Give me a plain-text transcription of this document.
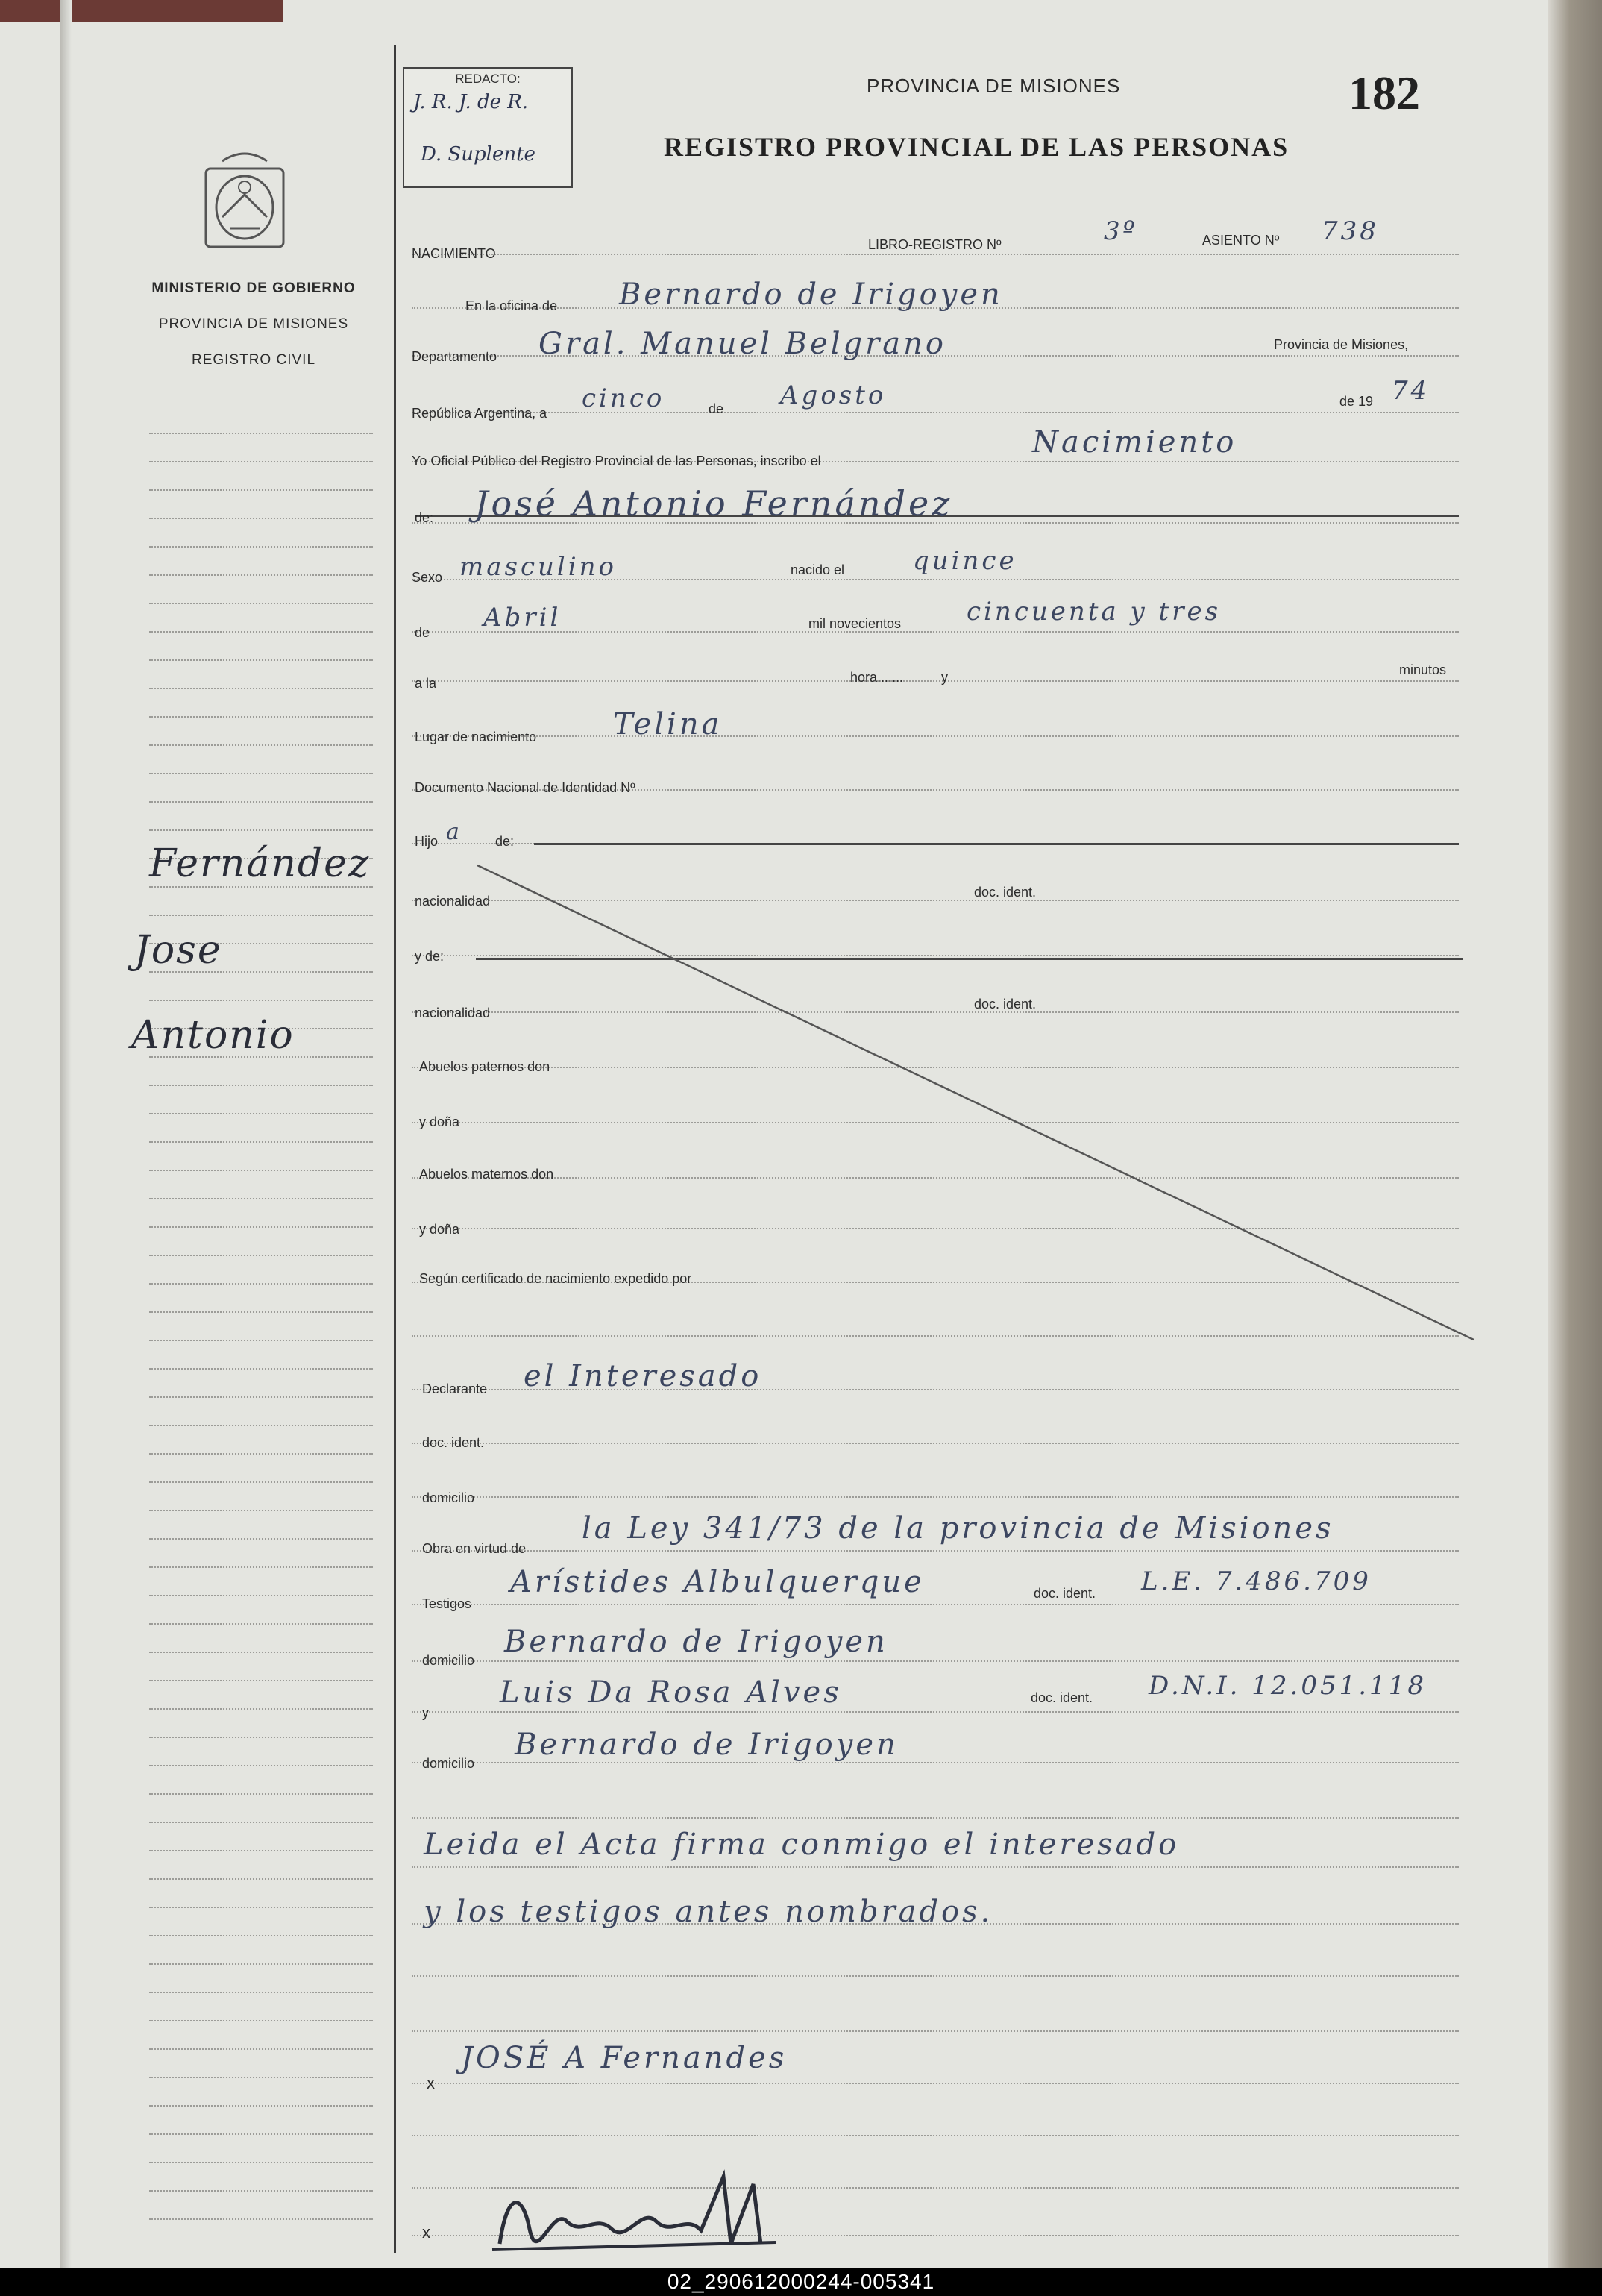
MINISTERIO DE GOBIERNO
PROVINCIA DE MISIONES
REGISTRO CIVIL
Fernández
Jose
Antonio
REDACTO:
J. R. J. de R.
D. Suplente
PROVINCIA DE MISIONES
REGISTRO PROVINCIAL DE LAS PERSONAS
182
NACIMIENTO
LIBRO-REGISTRO Nº	3º	ASIENTO Nº 738
En la oficina de Bernardo de Irigoyen
Departamento Gral. Manuel Belgrano	Provincia de Misiones,
República Argentina, a cinco	de Agosto	de 19 74
Yo Oficial Público del Registro Provincial de las Personas, inscribo el
Nacimiento
de: José Antonio Fernández
Sexo masculino	nacido el	quince
de Abril	mil novecientos	cincuenta y tres
a la	hora.......	y	minutos
Lugar de nacimiento	Telina
Documento Nacional de Identidad Nº
Hijo a de:
nacionalidad
doc. ident.
y de:
nacionalidad
doc. ident.
Abuelos paternos don
y doña
Abuelos maternos don
y doña
Según certificado de nacimiento expedido por
Declarante el Interesado
doc. ident.
domicilio
Obra en virtud de
la Ley 341/73 de la provincia de Misiones
Testigos
Arístides Albulquerque	doc. ident. L.E. 7.486.709
domicilio
Bernardo de Irigoyen
y
Luis Da Rosa Alves	doc. ident. D.N.I. 12.051.118
domicilio
Bernardo de Irigoyen
Leida el Acta firma conmigo el interesado
y los testigos antes nombrados.
x
JOSÉ A Fernandes
x
02_290612000244-005341
